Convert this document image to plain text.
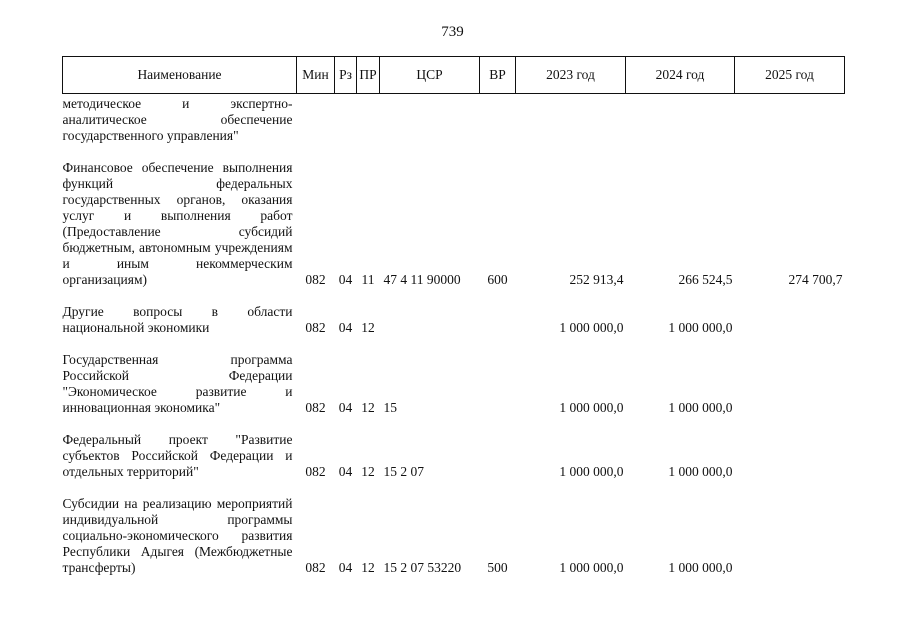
739
Наименование	Мин	Рз	ПР	ЦСР	ВР	2023 год	2024 год	2025 год
методическое и экспертно-аналитическое обеспечение государственного управления"								
Финансовое обеспечение выполнения функций федеральных государственных органов, оказания услуг и выполнения работ (Предоставление субсидий бюджетным, автономным учреждениям и иным некоммерческим организациям)	082	04	11	47 4 11 90000	600	252 913,4	266 524,5	274 700,7
Другие вопросы в области национальной экономики	082	04	12			1 000 000,0	1 000 000,0	
Государственная программа Российской Федерации "Экономическое развитие и инновационная экономика"	082	04	12	15		1 000 000,0	1 000 000,0	
Федеральный проект "Развитие субъектов Российской Федерации и отдельных территорий"	082	04	12	15 2 07		1 000 000,0	1 000 000,0	
Субсидии на реализацию мероприятий индивидуальной программы социально-экономического развития Республики Адыгея (Межбюджетные трансферты)	082	04	12	15 2 07 53220	500	1 000 000,0	1 000 000,0	
